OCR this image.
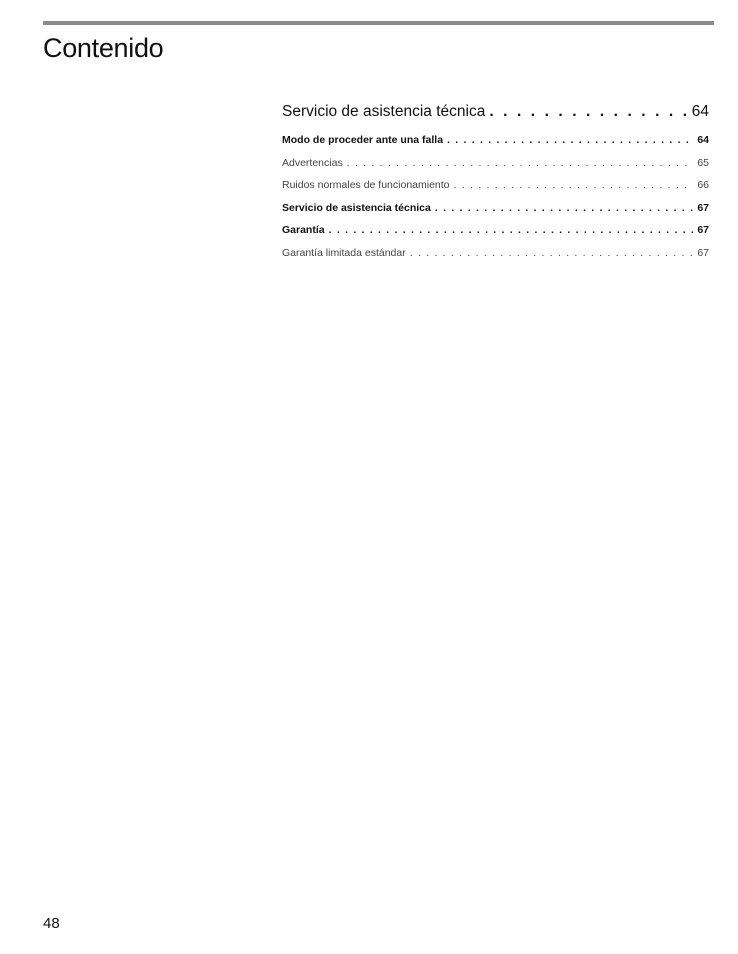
Contenido
Servicio de asistencia técnica . . .	64
Modo de proceder ante una falla . . .	64
Advertencias . . .	65
Ruidos normales de funcionamiento . . .	66
Servicio de asistencia técnica . . .	67
Garantía . . .	67
Garantía limitada estándar . . .	67
48
